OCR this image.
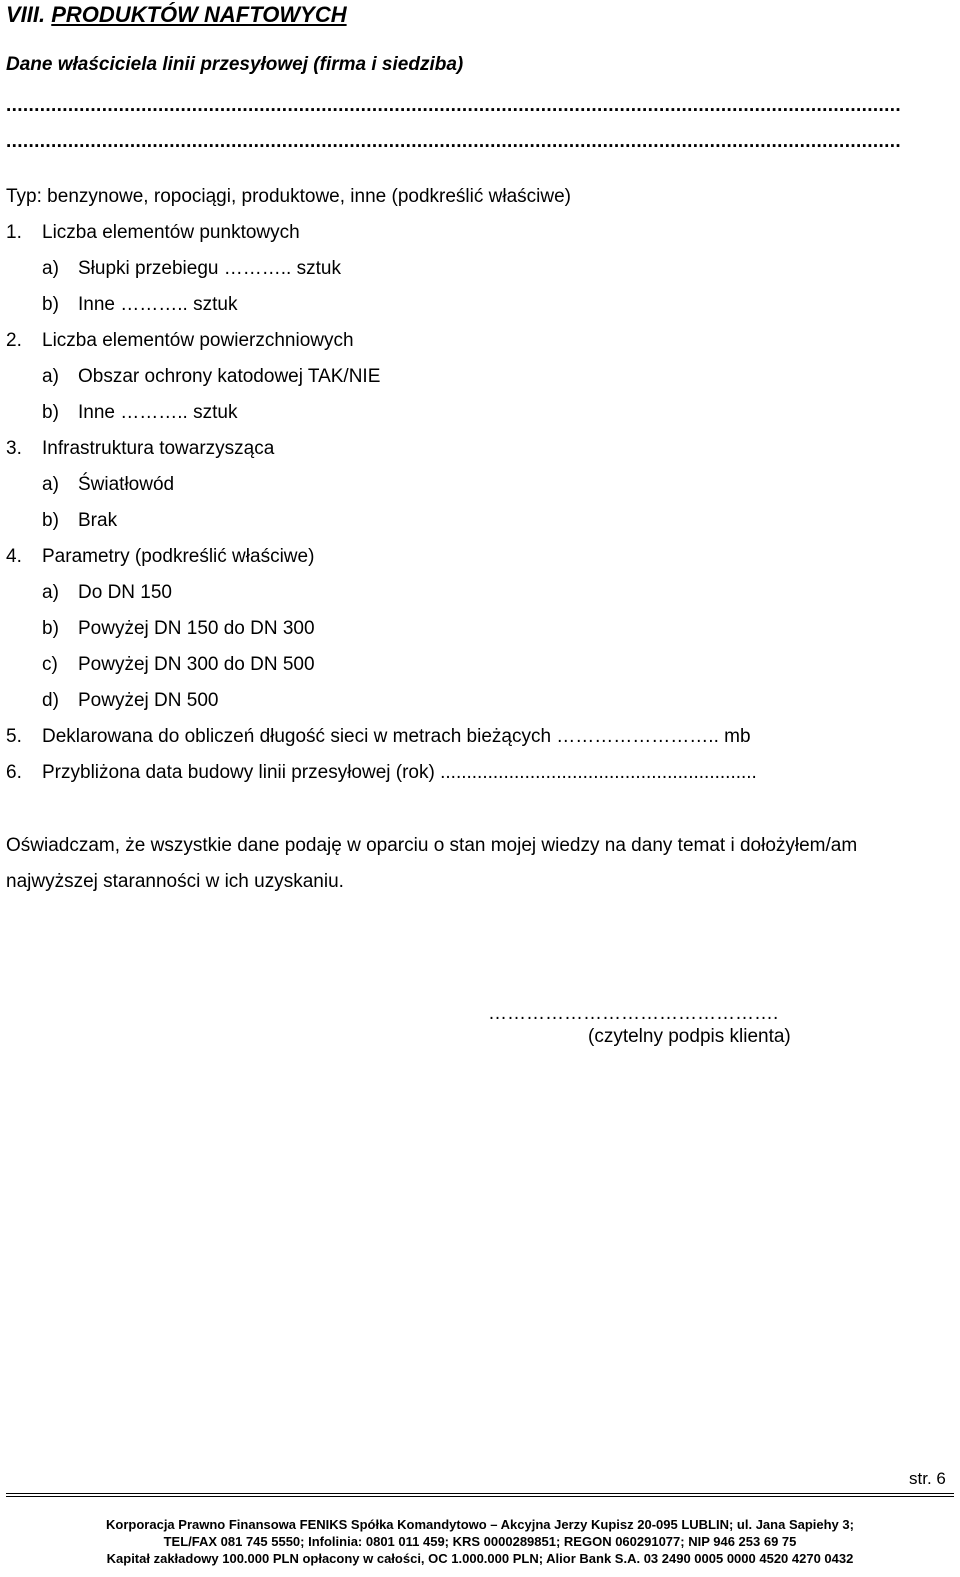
VIII. PRODUKTÓW NAFTOWYCH
Dane właściciela linii przesyłowej (firma i siedziba)
...............................................................................................................................................................
...............................................................................................................................................................
Typ: benzynowe, ropociągi, produktowe, inne (podkreślić właściwe)
1. Liczba elementów punktowych
a) Słupki przebiegu ……….. sztuk
b) Inne ……….. sztuk
2. Liczba elementów powierzchniowych
a) Obszar ochrony katodowej TAK/NIE
b) Inne ……….. sztuk
3. Infrastruktura towarzysząca
a) Światłowód
b) Brak
4. Parametry (podkreślić właściwe)
a) Do DN 150
b) Powyżej DN 150 do DN 300
c) Powyżej DN 300 do DN 500
d) Powyżej DN 500
5. Deklarowana do obliczeń długość sieci w metrach bieżących …………………….. mb
6. Przybliżona data budowy linii przesyłowej (rok) ............................................................
Oświadczam, że wszystkie dane podaję w oparciu o stan mojej wiedzy na dany temat i dołożyłem/am
najwyższej staranności w ich uzyskaniu.
……………………………………….
(czytelny podpis klienta)
str. 6
Korporacja Prawno Finansowa FENIKS Spółka Komandytowo – Akcyjna Jerzy Kupisz 20-095 LUBLIN; ul. Jana Sapiehy 3;
TEL/FAX 081 745 5550; Infolinia: 0801 011 459; KRS 0000289851; REGON 060291077; NIP 946 253 69 75
Kapitał zakładowy 100.000 PLN opłacony w całości, OC 1.000.000 PLN; Alior Bank S.A. 03 2490 0005 0000 4520 4270 0432
